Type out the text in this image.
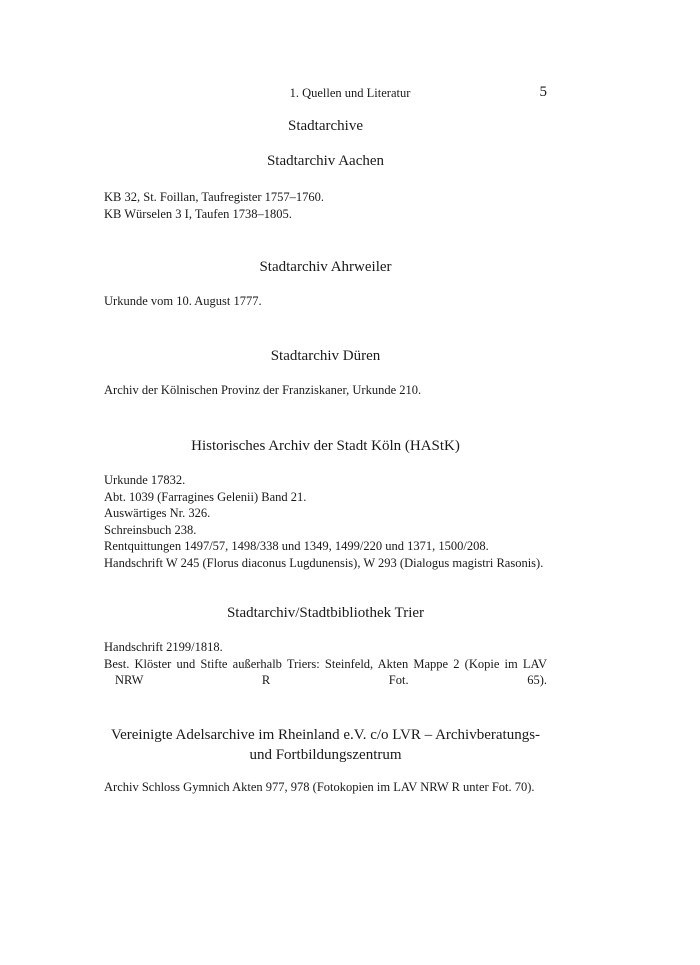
1. Quellen und Literatur	5

Stadtarchive

Stadtarchiv Aachen

KB 32, St. Foillan, Taufregister 1757–1760.

KB Würselen 3 I, Taufen 1738–1805.

Stadtarchiv Ahrweiler

Urkunde vom 10. August 1777.

Stadtarchiv Düren

Archiv der Kölnischen Provinz der Franziskaner, Urkunde 210.

Historisches Archiv der Stadt Köln (HAStK)

Urkunde 17832.

Abt. 1039 (Farragines Gelenii) Band 21.

Auswärtiges Nr. 326.

Schreinsbuch 238.

Rentquittungen 1497/57, 1498/338 und 1349, 1499/220 und 1371, 1500/208.

Handschrift W 245 (Florus diaconus Lugdunensis), W 293 (Dialogus magistri Rasonis).

Stadtarchiv/Stadtbibliothek Trier

Handschrift 2199/1818.

Best. Klöster und Stifte außerhalb Triers: Steinfeld, Akten Mappe 2 (Kopie im LAV NRW R Fot. 65).

Vereinigte Adelsarchive im Rheinland e.V. c/o LVR – Archivberatungs-

und Fortbildungszentrum

Archiv Schloss Gymnich Akten 977, 978 (Fotokopien im LAV NRW R unter Fot. 70).
